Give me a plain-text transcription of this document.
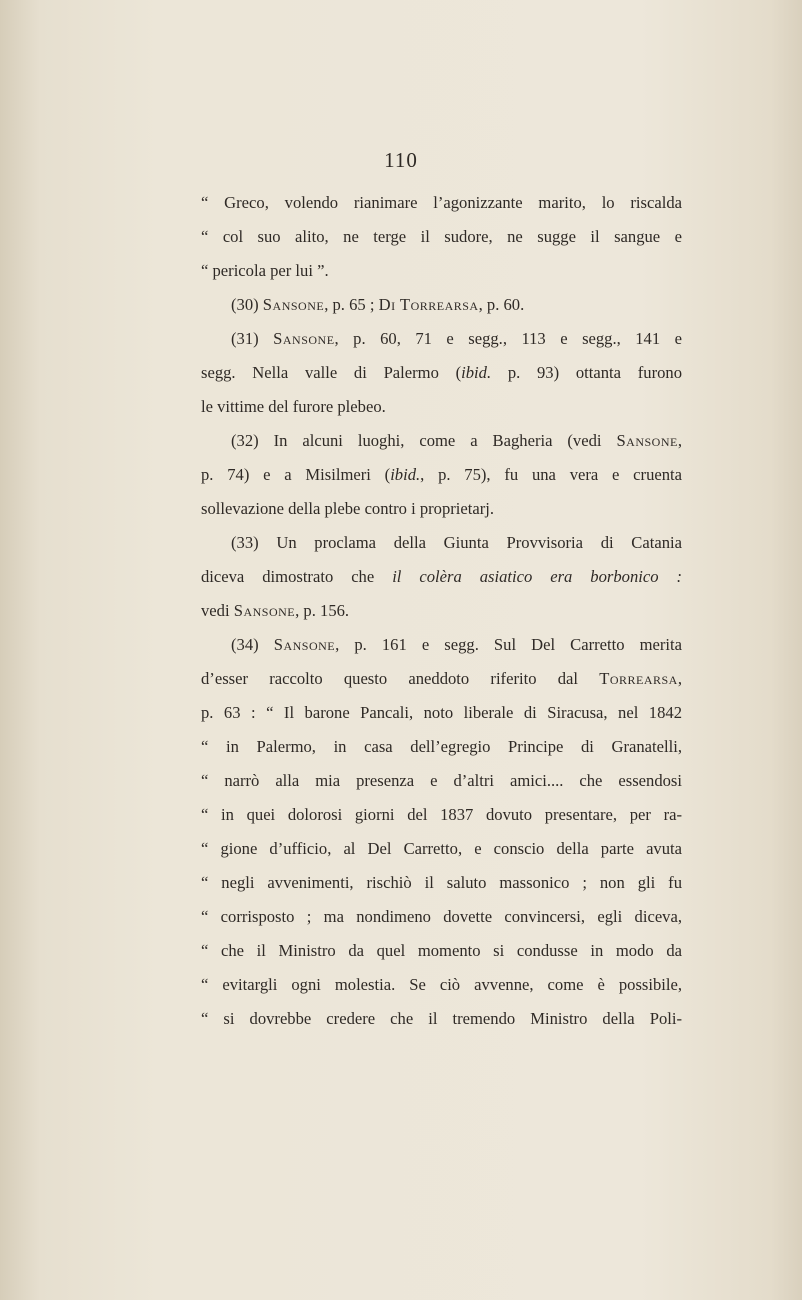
110
“ Greco, volendo rianimare l’agonizzante marito, lo riscalda
“ col suo alito, ne terge il sudore, ne sugge il sangue e
“ pericola per lui ”.
(30) Sansone, p. 65 ; Di Torrearsa, p. 60.
(31) Sansone, p. 60, 71 e segg., 113 e segg., 141 e
segg. Nella valle di Palermo (ibid. p. 93) ottanta furono
le vittime del furore plebeo.
(32) In alcuni luoghi, come a Bagheria (vedi Sansone,
p. 74) e a Misilmeri (ibid., p. 75), fu una vera e cruenta
sollevazione della plebe contro i proprietarj.
(33) Un proclama della Giunta Provvisoria di Catania
diceva dimostrato che il colèra asiatico era borbonico :
vedi Sansone, p. 156.
(34) Sansone, p. 161 e segg. Sul Del Carretto merita
d’esser raccolto questo aneddoto riferito dal Torrearsa,
p. 63 : “ Il barone Pancali, noto liberale di Siracusa, nel 1842
“ in Palermo, in casa dell’egregio Principe di Granatelli,
“ narrò alla mia presenza e d’altri amici.... che essendosi
“ in quei dolorosi giorni del 1837 dovuto presentare, per ra-
“ gione d’ufficio, al Del Carretto, e conscio della parte avuta
“ negli avvenimenti, rischiò il saluto massonico ; non gli fu
“ corrisposto ; ma nondimeno dovette convincersi, egli diceva,
“ che il Ministro da quel momento si condusse in modo da
“ evitargli ogni molestia. Se ciò avvenne, come è possibile,
“ si dovrebbe credere che il tremendo Ministro della Poli-
